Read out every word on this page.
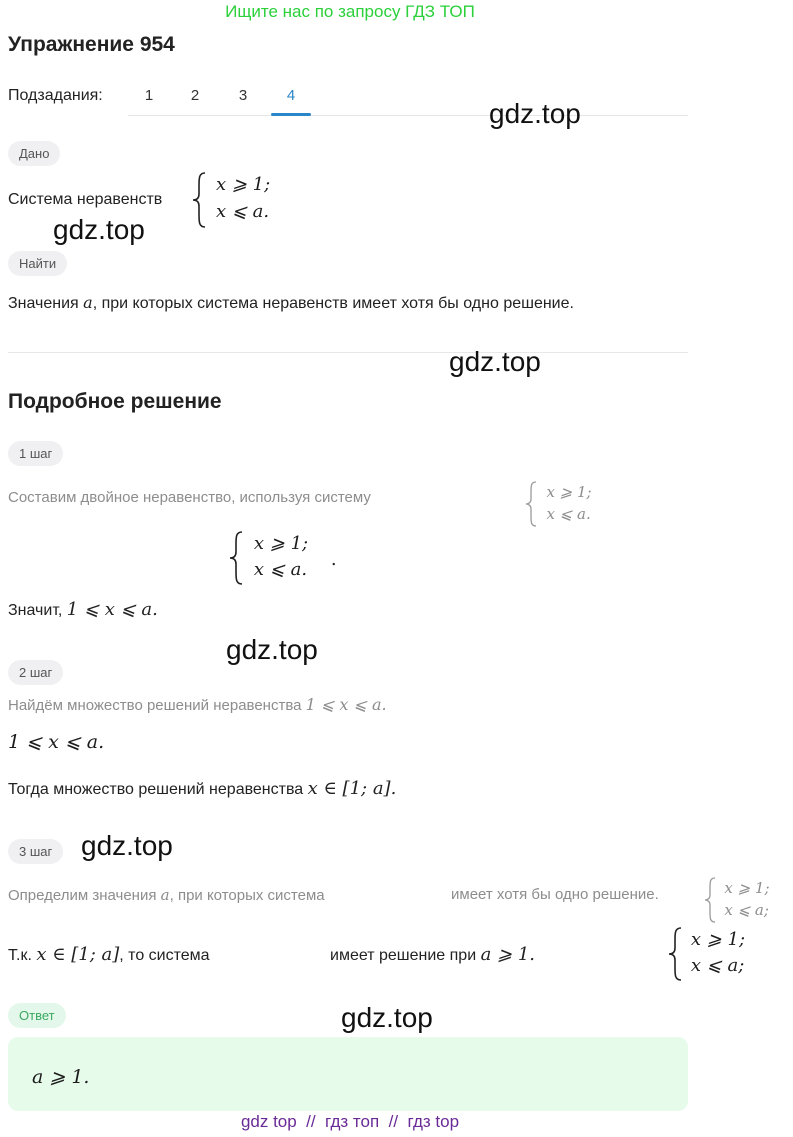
Ищите нас по запросу ГДЗ ТОП
Упражнение 954
Подзадания:	1	2	3	4
Дано
Система неравенств
x ⩾ 1;
x ⩽ a.

Найти
Значения a, при которых система неравенств имеет хотя бы одно решение.
Подробное решение
1 шаг
Составим двойное неравенство, используя систему	x ⩾ 1;
x ⩽ a.

x ⩾ 1;
x ⩽ a. .

Значит, 1 ⩽ x ⩽ a.
2 шаг
Найдём множество решений неравенства 1 ⩽ x ⩽ a.
1 ⩽ x ⩽ a.
Тогда множество решений неравенства x ∈ [1; a].
3 шаг
Определим значения a, при которых система	x ⩾ 1;
x ⩽ a;

имеет хотя бы одно решение.
Т.к. x ∈ [1; a], то система
x ⩾ 1;
x ⩽ a;
имеет решение при a ⩾ 1.
Ответ
a ⩾ 1.
gdz.top
gdz.top
gdz.top
gdz.top
gdz.top
gdz.top
gdz top  //  гдз топ  //  гдз top
